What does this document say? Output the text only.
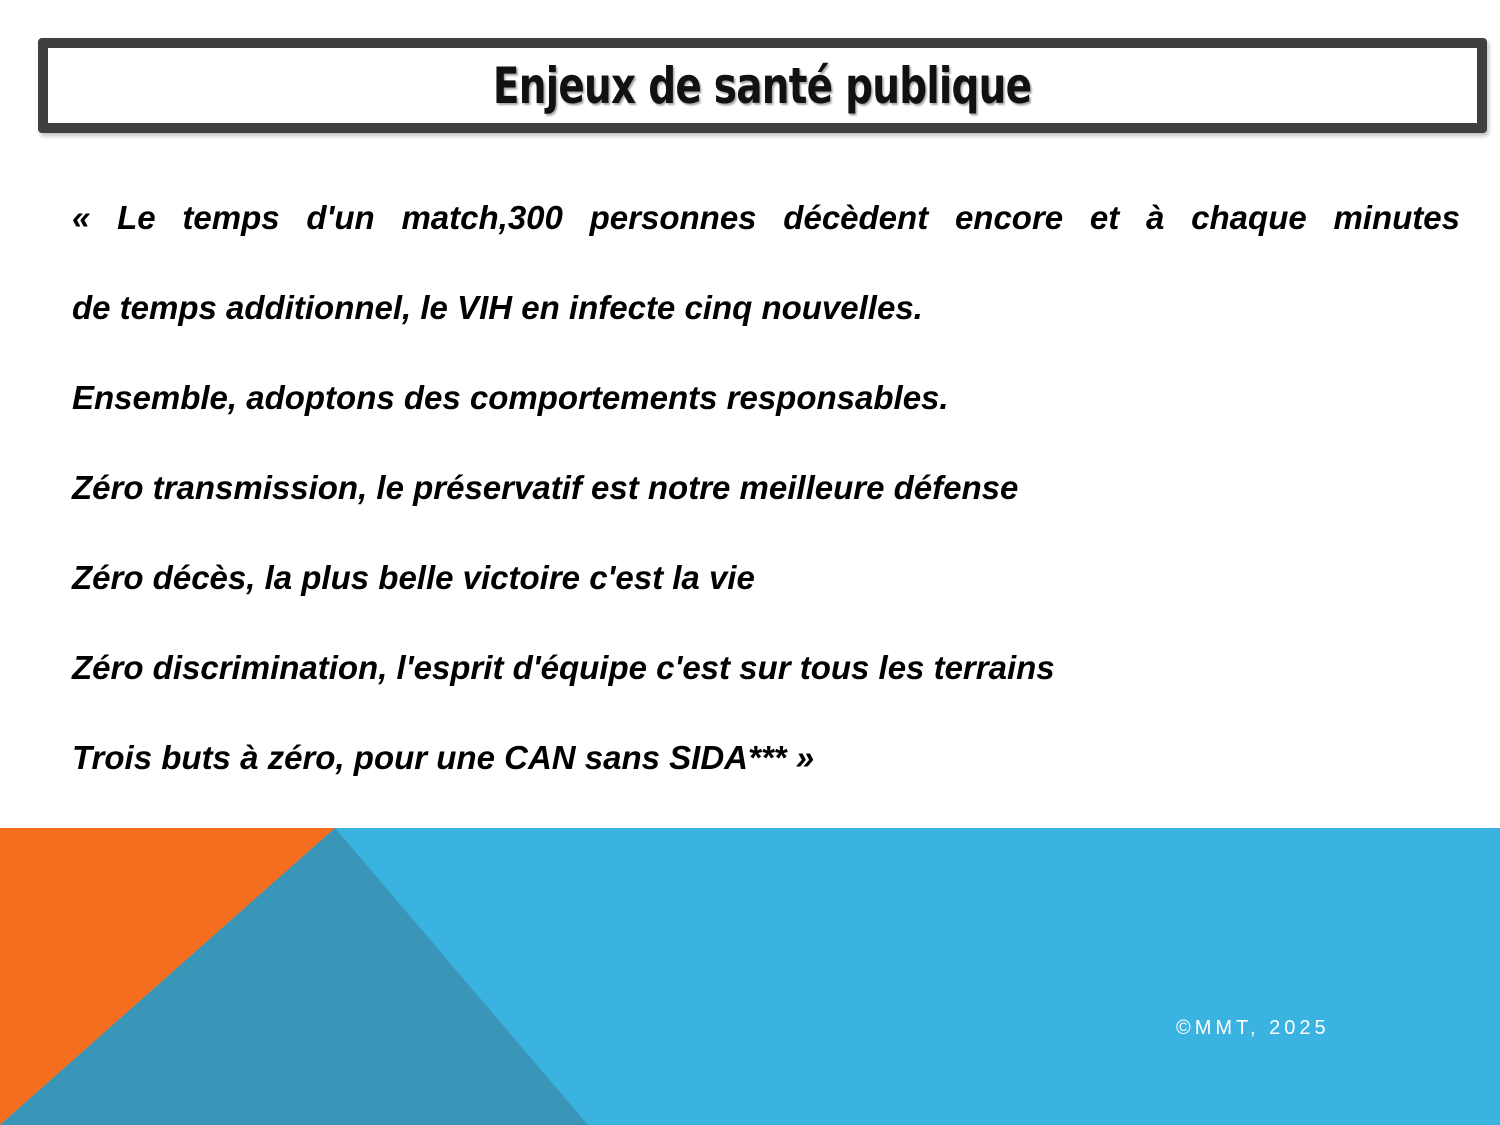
Enjeux de santé publique
« Le temps d'un match,300 personnes décèdent encore et à chaque minutes
de temps additionnel, le VIH en infecte cinq nouvelles.
Ensemble, adoptons des comportements responsables.
Zéro transmission, le préservatif est notre meilleure défense
Zéro décès, la plus belle victoire c'est la vie
Zéro discrimination, l'esprit d'équipe c'est sur tous les terrains
Trois buts à zéro, pour une CAN sans SIDA*** »
©MMT, 2025
